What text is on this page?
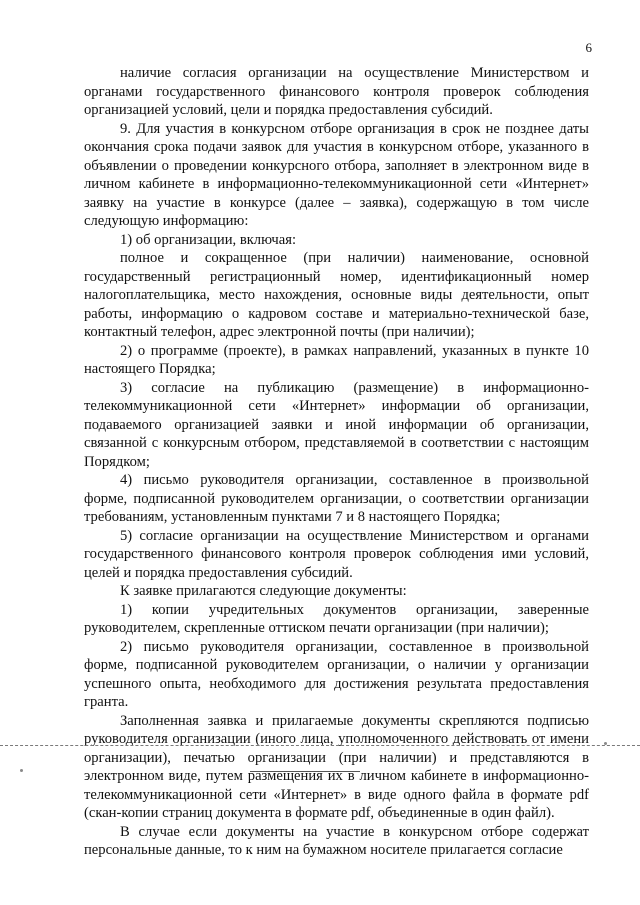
6

наличие согласия организации на осуществление Министерством и органами государственного финансового контроля проверок соблюдения организацией условий, цели и порядка предоставления субсидий.

9. Для участия в конкурсном отборе организация в срок не позднее даты окончания срока подачи заявок для участия в конкурсном отборе, указанного в объявлении о проведении конкурсного отбора, заполняет в электронном виде в личном кабинете в информационно-телекоммуникационной сети «Интернет» заявку на участие в конкурсе (далее – заявка), содержащую в том числе следующую информацию:

1) об организации, включая:

полное и сокращенное (при наличии) наименование, основной государственный регистрационный номер, идентификационный номер налогоплательщика, место нахождения, основные виды деятельности, опыт работы, информацию о кадровом составе и материально-технической базе, контактный телефон, адрес электронной почты (при наличии);

2) о программе (проекте), в рамках направлений, указанных в пункте 10 настоящего Порядка;

3) согласие на публикацию (размещение) в информационно-телекоммуникационной сети «Интернет» информации об организации, подаваемого организацией заявки и иной информации об организации, связанной с конкурсным отбором, представляемой в соответствии с настоящим Порядком;

4) письмо руководителя организации, составленное в произвольной форме, подписанной руководителем организации, о соответствии организации требованиям, установленным пунктами 7 и 8 настоящего Порядка;

5) согласие организации на осуществление Министерством и органами государственного финансового контроля проверок соблюдения ими условий, целей и порядка предоставления субсидий.

К заявке прилагаются следующие документы:

1) копии учредительных документов организации, заверенные руководителем, скрепленные оттиском печати организации (при наличии);

2) письмо руководителя организации, составленное в произвольной форме, подписанной руководителем организации, о наличии у организации успешного опыта, необходимого для достижения результата предоставления гранта.

Заполненная заявка и прилагаемые документы скрепляются подписью руководителя организации (иного лица, уполномоченного действовать от имени организации), печатью организации (при наличии) и представляются в электронном виде, путем размещения их в личном кабинете в информационно-телекоммуникационной сети «Интернет» в виде одного файла в формате pdf (скан-копии страниц документа в формате pdf, объединенные в один файл).

В случае если документы на участие в конкурсном отборе содержат персональные данные, то к ним на бумажном носителе прилагается согласие
